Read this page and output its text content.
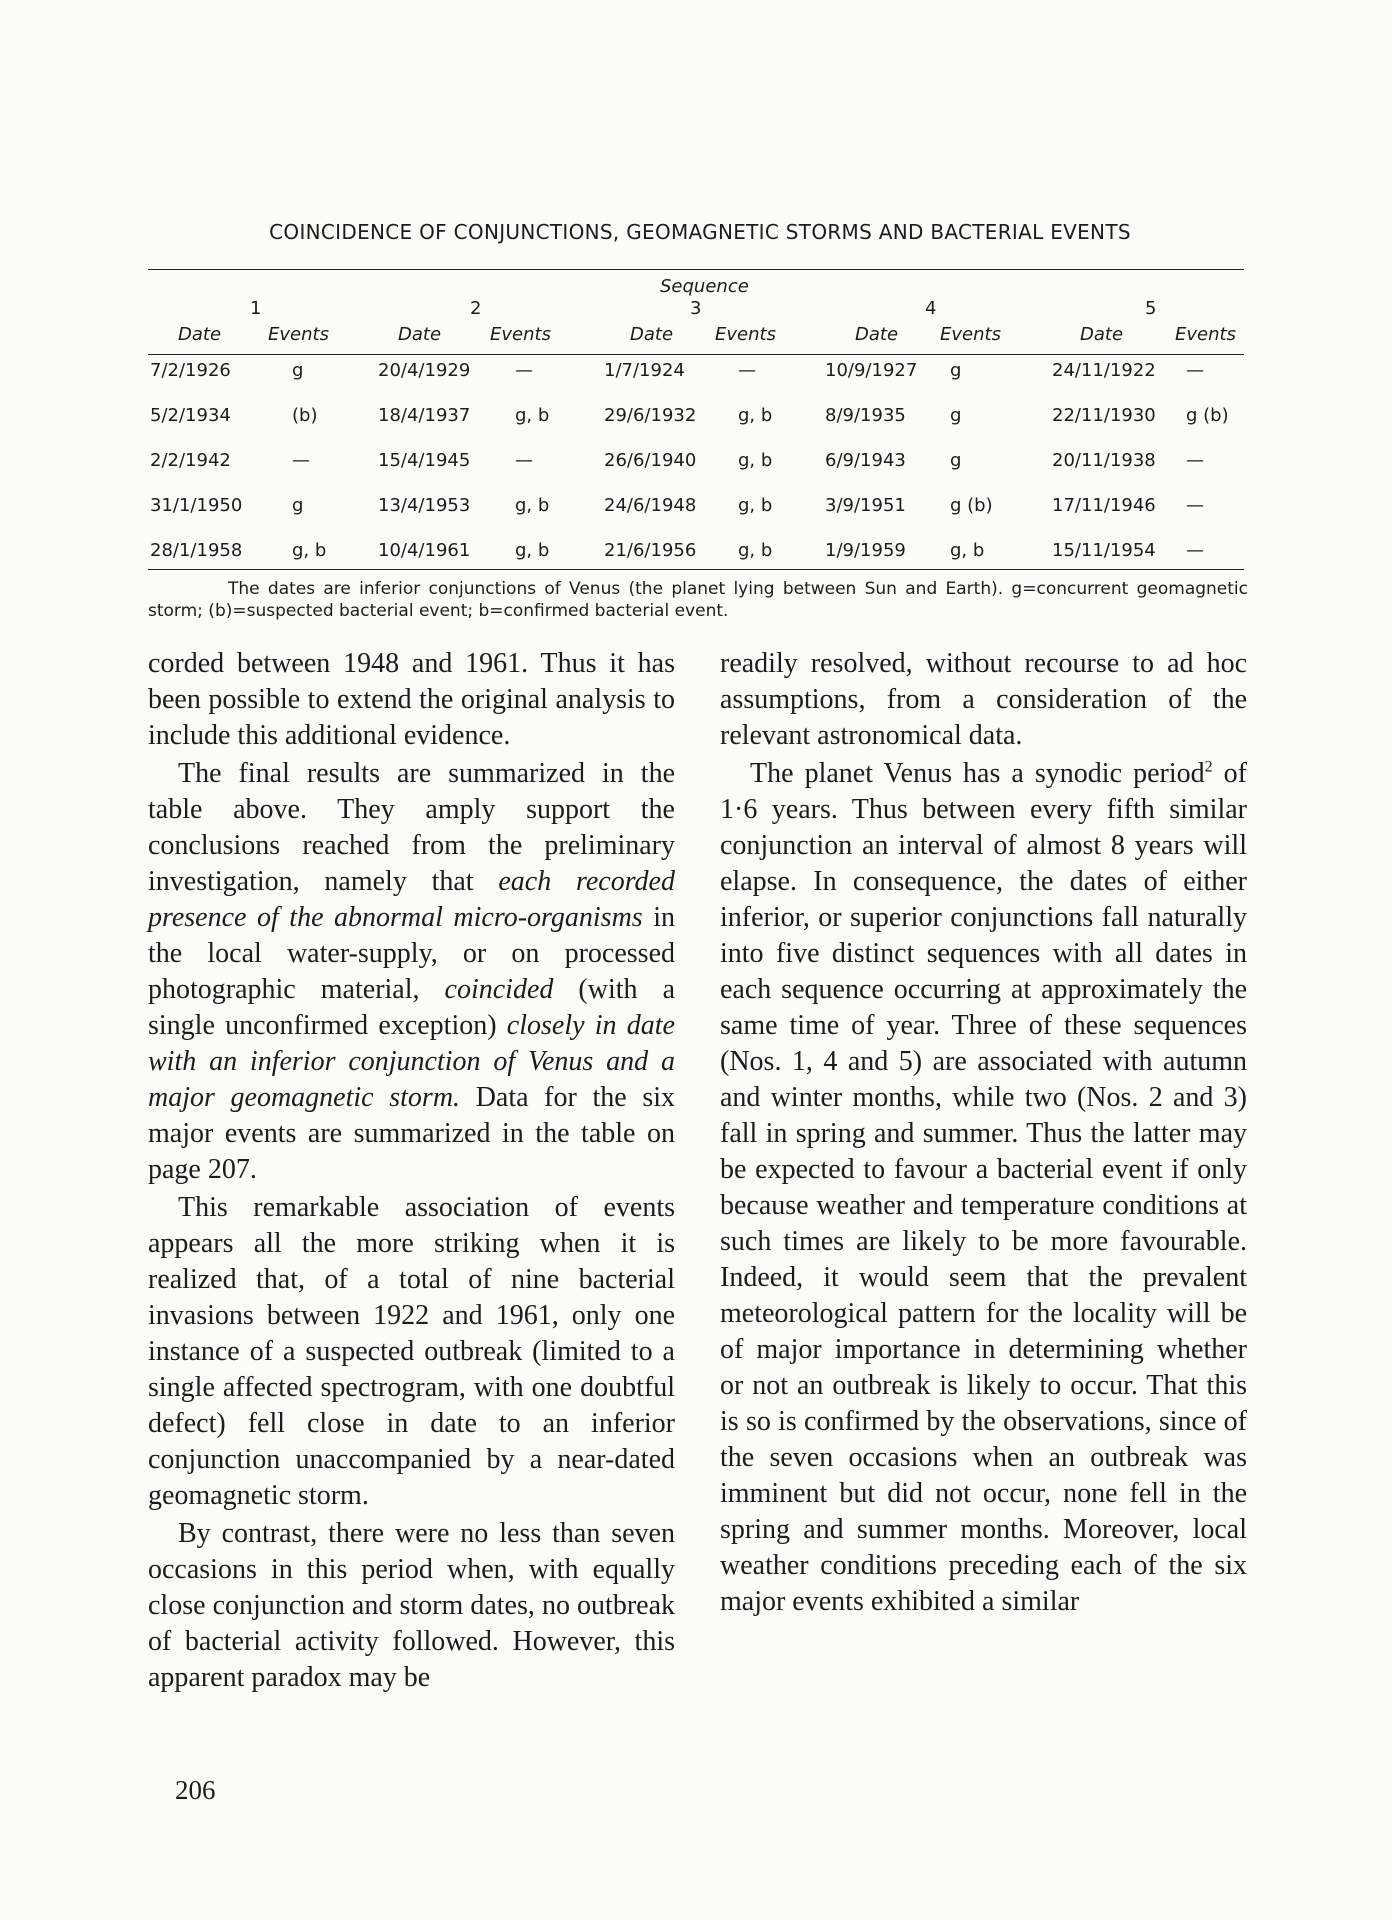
COINCIDENCE OF CONJUNCTIONS, GEOMAGNETIC STORMS AND BACTERIAL EVENTS
Sequence
1
Date	Events
2
Date	Events
3
Date Events
4
Date Events
5
Date	Events
7/2/1926	g	20/4/1929 —	1/7/1924	—	10/9/1927 g	24/11/1922 —
5/2/1934	(b)	18/4/1937 g, b	29/6/1932 g, b	8/9/1935 g	22/11/1930 g (b)
2/2/1942	—	15/4/1945 —	26/6/1940 g, b	6/9/1943 g	20/11/1938 —
31/1/1950	g	13/4/1953 g, b	24/6/1948 g, b	3/9/1951 g (b)	17/11/1946 —
28/1/1958	g, b	10/4/1961 g, b	21/6/1956 g, b	1/9/1959 g, b	15/11/1954 —
The dates are inferior conjunctions of Venus (the planet lying between Sun and Earth). g=concurrent geomagnetic storm; (b)=suspected bacterial event; b=confirmed bacterial event.

corded between 1948 and 1961. Thus it has been possible to extend the original analysis to include this additional evidence.

The final results are summarized in the table above. They amply support the conclusions reached from the preliminary investigation, namely that each recorded presence of the abnormal micro-organisms in the local water-supply, or on processed photographic material, coincided (with a single unconfirmed exception) closely in date with an inferior conjunction of Venus and a major geomagnetic storm. Data for the six major events are summarized in the table on page 207.

This remarkable association of events appears all the more striking when it is realized that, of a total of nine bacterial invasions between 1922 and 1961, only one instance of a suspected outbreak (limited to a single affected spectrogram, with one doubtful defect) fell close in date to an inferior conjunction unaccompanied by a near-dated geomagnetic storm.

By contrast, there were no less than seven occasions in this period when, with equally close conjunction and storm dates, no outbreak of bacterial activity followed. However, this apparent paradox may be

readily resolved, without recourse to ad hoc assumptions, from a consideration of the relevant astronomical data.

The planet Venus has a synodic period$^2$ of 1·6 years. Thus between every fifth similar conjunction an interval of almost 8 years will elapse. In consequence, the dates of either inferior, or superior conjunctions fall naturally into five distinct sequences with all dates in each sequence occurring at approximately the same time of year. Three of these sequences (Nos. 1, 4 and 5) are associated with autumn and winter months, while two (Nos. 2 and 3) fall in spring and summer. Thus the latter may be expected to favour a bacterial event if only because weather and temperature conditions at such times are likely to be more favourable. Indeed, it would seem that the prevalent meteorological pattern for the locality will be of major importance in determining whether or not an outbreak is likely to occur. That this is so is confirmed by the observations, since of the seven occasions when an outbreak was imminent but did not occur, none fell in the spring and summer months. Moreover, local weather conditions preceding each of the six major events exhibited a similar

206
